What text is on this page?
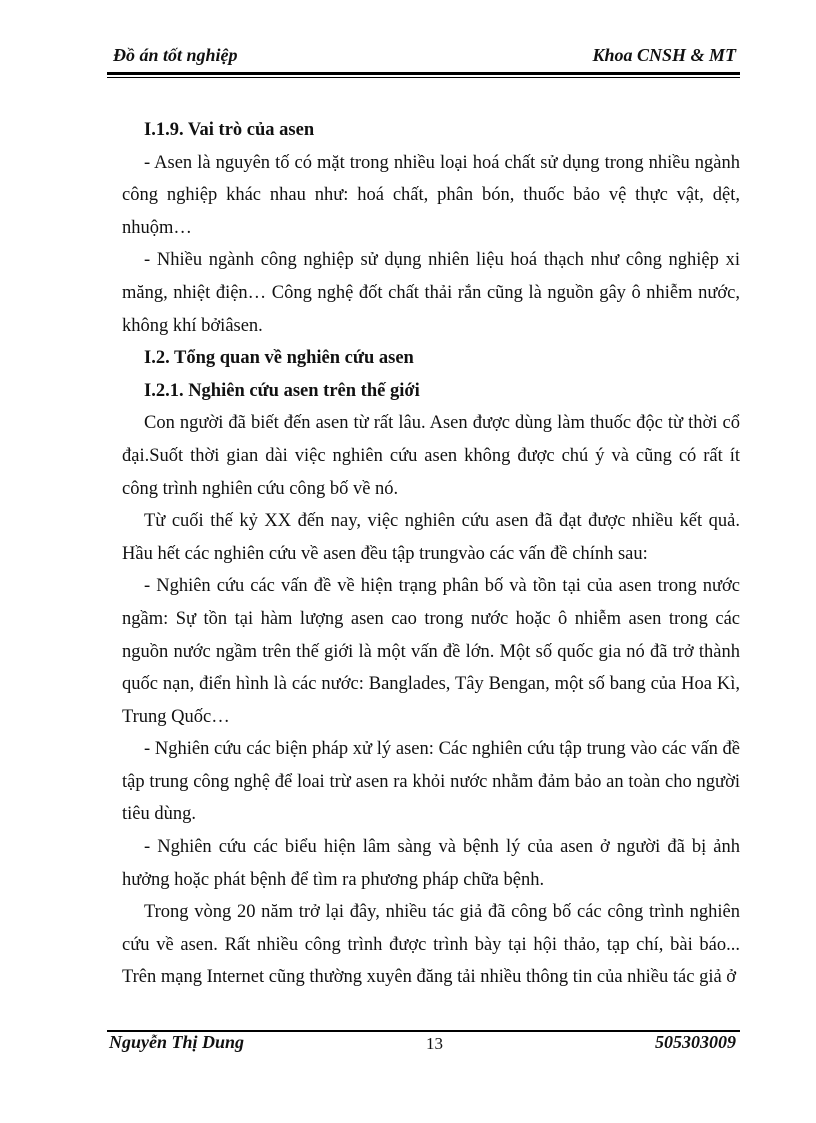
Đồ án tốt nghiệp	Khoa CNSH & MT
I.1.9. Vai trò của asen

- Asen là nguyên tố có mặt trong nhiều loại hoá chất sử dụng trong nhiều ngành công nghiệp khác nhau như: hoá chất, phân bón, thuốc bảo vệ thực vật, dệt, nhuộm…

- Nhiều ngành công nghiệp sử dụng nhiên liệu hoá thạch như công nghiệp xi măng, nhiệt điện… Công nghệ đốt chất thải rắn cũng là nguồn gây ô nhiễm nước, không khí bởiâsen.

I.2. Tổng quan về nghiên cứu asen
I.2.1. Nghiên cứu asen trên thế giới

Con người đã biết đến asen từ rất lâu. Asen được dùng làm thuốc độc từ thời cổ đại.Suốt thời gian dài việc nghiên cứu asen không được chú ý và cũng có rất ít công trình nghiên cứu công bố về nó.

Từ cuối thế kỷ XX đến nay, việc nghiên cứu asen đã đạt được nhiều kết quả. Hầu hết các nghiên cứu về asen đều tập trungvào các vấn đề chính sau:

- Nghiên cứu các vấn đề về hiện trạng phân bố và tồn tại của asen trong nước ngầm: Sự tồn tại hàm lượng asen cao trong nước hoặc ô nhiễm asen trong các nguồn nước ngầm trên thế giới là một vấn đề lớn. Một số quốc gia nó đã trở thành quốc nạn, điển hình là các nước: Banglades, Tây Bengan, một số bang của Hoa Kì, Trung Quốc…

- Nghiên cứu các biện pháp xử lý asen: Các nghiên cứu tập trung vào các vấn đề tập trung công nghệ để loai trừ asen ra khỏi nước nhằm đảm bảo an toàn cho người tiêu dùng.

- Nghiên cứu các biểu hiện lâm sàng và bệnh lý của asen ở người đã bị ảnh hưởng hoặc phát bệnh để tìm ra phương pháp chữa bệnh.

Trong vòng 20 năm trở lại đây, nhiều tác giả đã công bố các công trình nghiên cứu về asen. Rất nhiều công trình được trình bày tại hội thảo, tạp chí, bài báo... Trên mạng Internet cũng thường xuyên đăng tải nhiều thông tin của nhiều tác giả ở

Nguyễn Thị Dung	13	505303009
